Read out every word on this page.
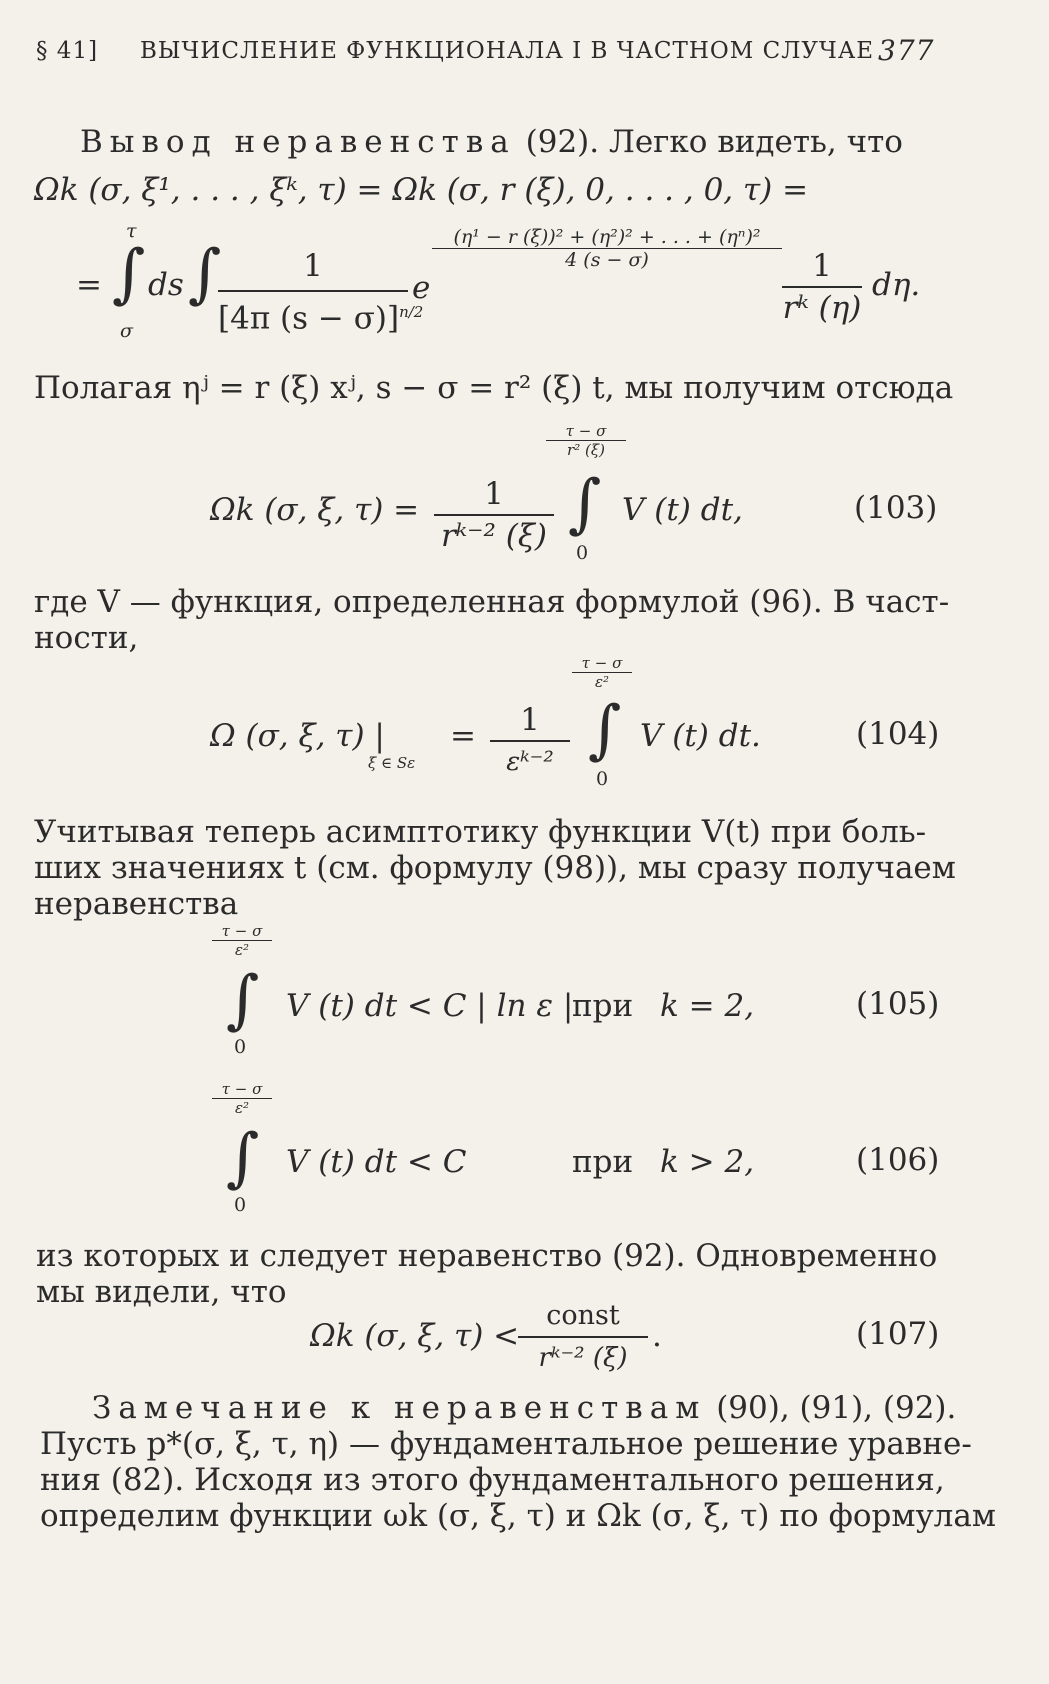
§ 41] ВЫЧИСЛЕНИЕ ФУНКЦИОНАЛА I В ЧАСТНОМ СЛУЧАЕ 377
Вывод неравенства (92). Легко видеть, что
Ωk (σ, ξ¹, . . . , ξᵏ, τ) = Ωk (σ, r (ξ), 0, . . . , 0, τ) =
=
τ
∫
σ
ds ∫
$\frac{1}{[4\pi (s - \sigma)]^{n/2}}$ e
$\frac{\text{(η¹ − r (ξ))² + (η²)² + . . . + (ηⁿ)²}}{4 (s - \sigma)} \frac{1}{\text{rᵏ (η)}} d\eta$.
Полагая ηʲ = r (ξ) xʲ, s − σ = r² (ξ) t, мы получим отсюда
Ωk (σ, ξ, $\tau) = \frac{1}{\text{rᵏ⁻² (ξ)}}$
τ − σ
r² (ξ)
∫
0
V (t) dt,	(103)
где V — функция, определенная формулой (96). В част-
ности,
Ω (σ, ξ, τ) |
ξ ∈ Sε
=	1
εᵏ⁻²
τ − σ
ε²
∫
0
V (t) dt.	(104)
Учитывая теперь асимптотику функции V(t) при боль-
ших значениях t (см. формулу (98)), мы сразу получаем
неравенства
τ − σ
ε²
∫
0
V (t) dt < C | ln ε |
при k = 2,	(105)
τ − σ
ε²
∫
0
V (t) dt < C	при k > 2,	(106)
из которых и следует неравенство (92). Одновременно
мы видели, что
Ωk (σ, ξ, τ) <
const
rᵏ⁻² (ξ)
.	(107)
Замечание к неравенствам (90), (91), (92).
Пусть p*(σ, ξ, τ, η) — фундаментальное решение уравне-
ния (82). Исходя из этого фундаментального решения,
определим функции ωk (σ, ξ, τ) и Ωk (σ, ξ, τ) по формулам
